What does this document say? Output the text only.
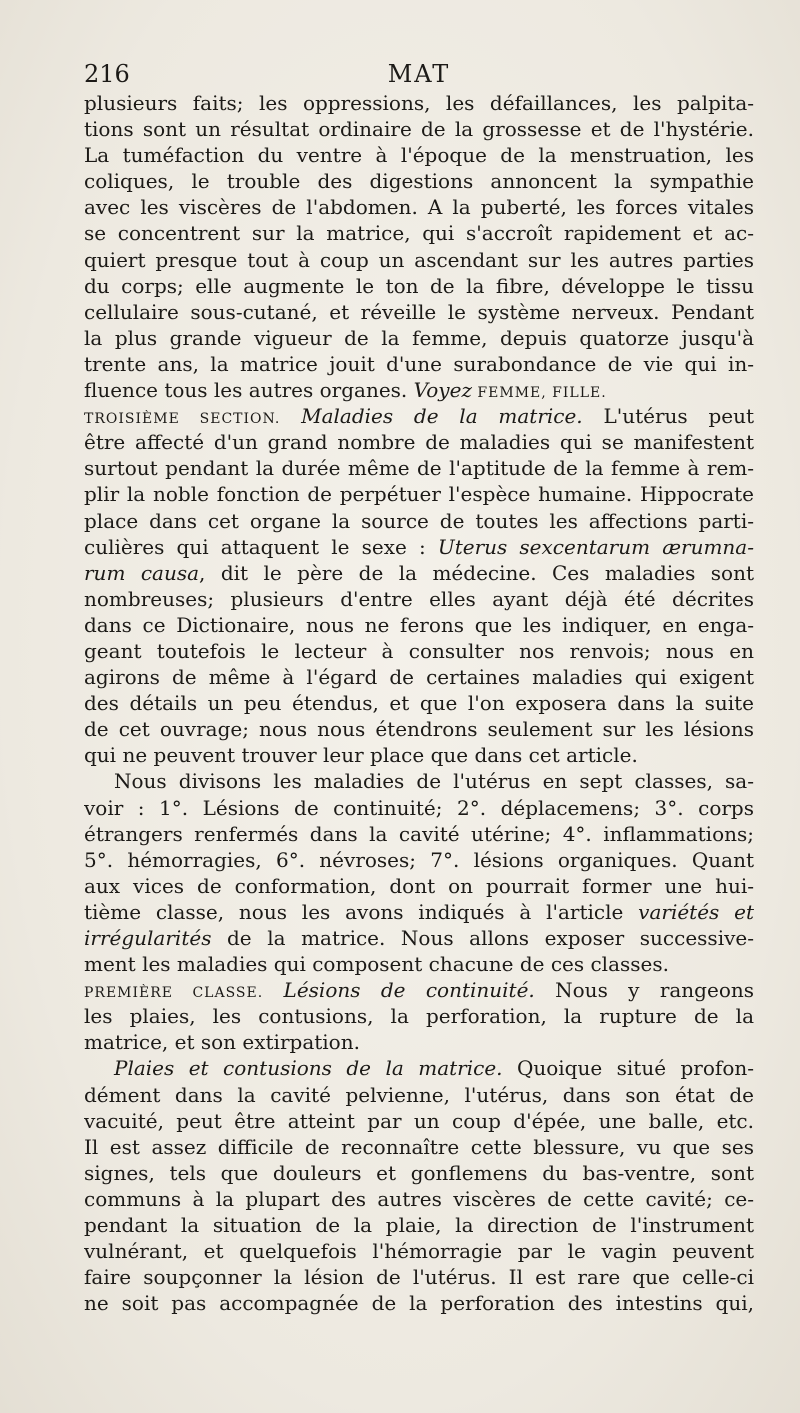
216	MAT
plusieurs faits; les oppressions, les défaillances, les palpita-
tions sont un résultat ordinaire de la grossesse et de l'hystérie.
La tuméfaction du ventre à l'époque de la menstruation, les
coliques, le trouble des digestions annoncent la sympathie
avec les viscères de l'abdomen. A la puberté, les forces vitales
se concentrent sur la matrice, qui s'accroît rapidement et ac-
quiert presque tout à coup un ascendant sur les autres parties
du corps; elle augmente le ton de la fibre, développe le tissu
cellulaire sous-cutané, et réveille le système nerveux. Pendant
la plus grande vigueur de la femme, depuis quatorze jusqu'à
trente ans, la matrice jouit d'une surabondance de vie qui in-
fluence tous les autres organes. Voyez FEMME, FILLE.
TROISIÈME SECTION. Maladies de la matrice. L'utérus peut
être affecté d'un grand nombre de maladies qui se manifestent
surtout pendant la durée même de l'aptitude de la femme à rem-
plir la noble fonction de perpétuer l'espèce humaine. Hippocrate
place dans cet organe la source de toutes les affections parti-
culières qui attaquent le sexe : Uterus sexcentarum ærumna-
rum causa, dit le père de la médecine. Ces maladies sont
nombreuses; plusieurs d'entre elles ayant déjà été décrites
dans ce Dictionaire, nous ne ferons que les indiquer, en enga-
geant toutefois le lecteur à consulter nos renvois; nous en
agirons de même à l'égard de certaines maladies qui exigent
des détails un peu étendus, et que l'on exposera dans la suite
de cet ouvrage; nous nous étendrons seulement sur les lésions
qui ne peuvent trouver leur place que dans cet article.
Nous divisons les maladies de l'utérus en sept classes, sa-
voir : 1°. Lésions de continuité; 2°. déplacemens; 3°. corps
étrangers renfermés dans la cavité utérine; 4°. inflammations;
5°. hémorragies, 6°. névroses; 7°. lésions organiques. Quant
aux vices de conformation, dont on pourrait former une hui-
tième classe, nous les avons indiqués à l'article variétés et
irrégularités de la matrice. Nous allons exposer successive-
ment les maladies qui composent chacune de ces classes.
PREMIÈRE CLASSE. Lésions de continuité. Nous y rangeons
les plaies, les contusions, la perforation, la rupture de la
matrice, et son extirpation.
Plaies et contusions de la matrice. Quoique situé profon-
dément dans la cavité pelvienne, l'utérus, dans son état de
vacuité, peut être atteint par un coup d'épée, une balle, etc.
Il est assez difficile de reconnaître cette blessure, vu que ses
signes, tels que douleurs et gonflemens du bas-ventre, sont
communs à la plupart des autres viscères de cette cavité; ce-
pendant la situation de la plaie, la direction de l'instrument
vulnérant, et quelquefois l'hémorragie par le vagin peuvent
faire soupçonner la lésion de l'utérus. Il est rare que celle-ci
ne soit pas accompagnée de la perforation des intestins qui,
